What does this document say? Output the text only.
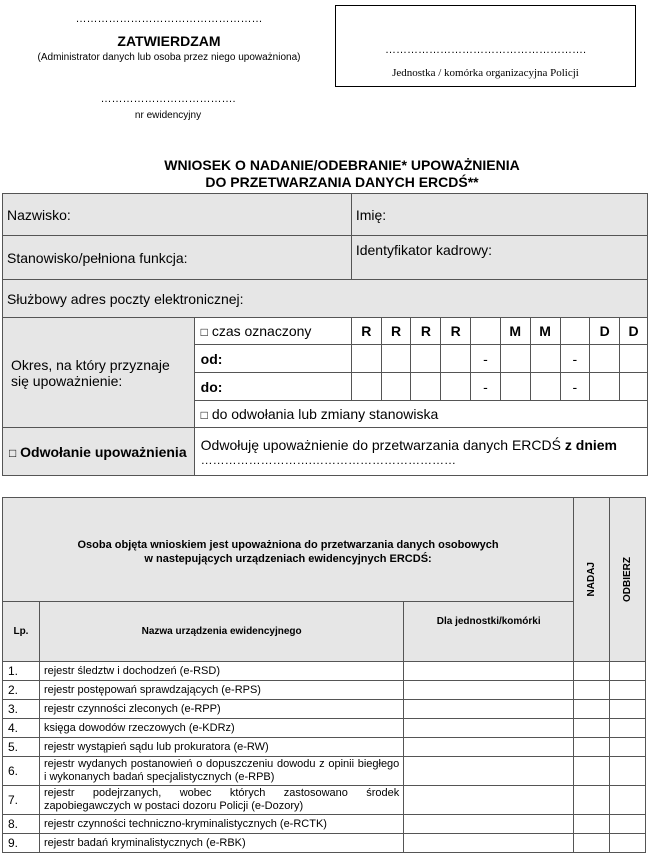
……………………………………………
ZATWIERDZAM
(Administrator danych lub osoba przez niego upoważniona)
……………………………….
nr ewidencyjny
……………………………………………….
Jednostka / komórka organizacyjna Policji
WNIOSEK O NADANIE/ODEBRANIE* UPOWAŻNIENIA
DO PRZETWARZANIA DANYCH ERCDŚ**
Nazwisko:		Imię:									
Stanowisko/pełniona funkcja:		Identyfikator kadrowy:									
Służbowy adres poczty elektronicznej:											

Okres, na który przyznaje
się upoważnienie:	□ czas oznaczony	R	R	R	R		M	M		D	D
	od:					-			-		
	do:					-			-		
	□ do odwołania lub zmiany stanowiska										
□ Odwołanie upoważnienia	Odwołuję upoważnienie do przetwarzania danych ERCDŚ z dniem
……………………….………………………………										
Osoba objęta wnioskiem jest upoważniona do przetwarzania danych osobowych
w nastepujących urządzeniach ewidencyjnych ERCDŚ:			NADAJ	ODBIERZ

Lp.	Nazwa urządzenia ewidencyjnego	Dla jednostki/komórki		
1.	rejestr śledztw i dochodzeń (e-RSD)			
2.	rejestr postępowań sprawdzających (e-RPS)			
3.	rejestr czynności zleconych (e-RPP)			
4.	księga dowodów rzeczowych (e-KDRz)			
5.	rejestr wystąpień sądu lub prokuratora (e-RW)			
6.	rejestr wydanych postanowień o dopuszczeniu dowodu z opinii biegłego i wykonanych badań specjalistycznych (e-RPB)			
7.	rejestr podejrzanych, wobec których zastosowano środek zapobiegawczych w postaci dozoru Policji (e-Dozory)			
8.	rejestr czynności techniczno-kryminalistycznych (e-RCTK)			
9.	rejestr badań kryminalistycznych (e-RBK)			
